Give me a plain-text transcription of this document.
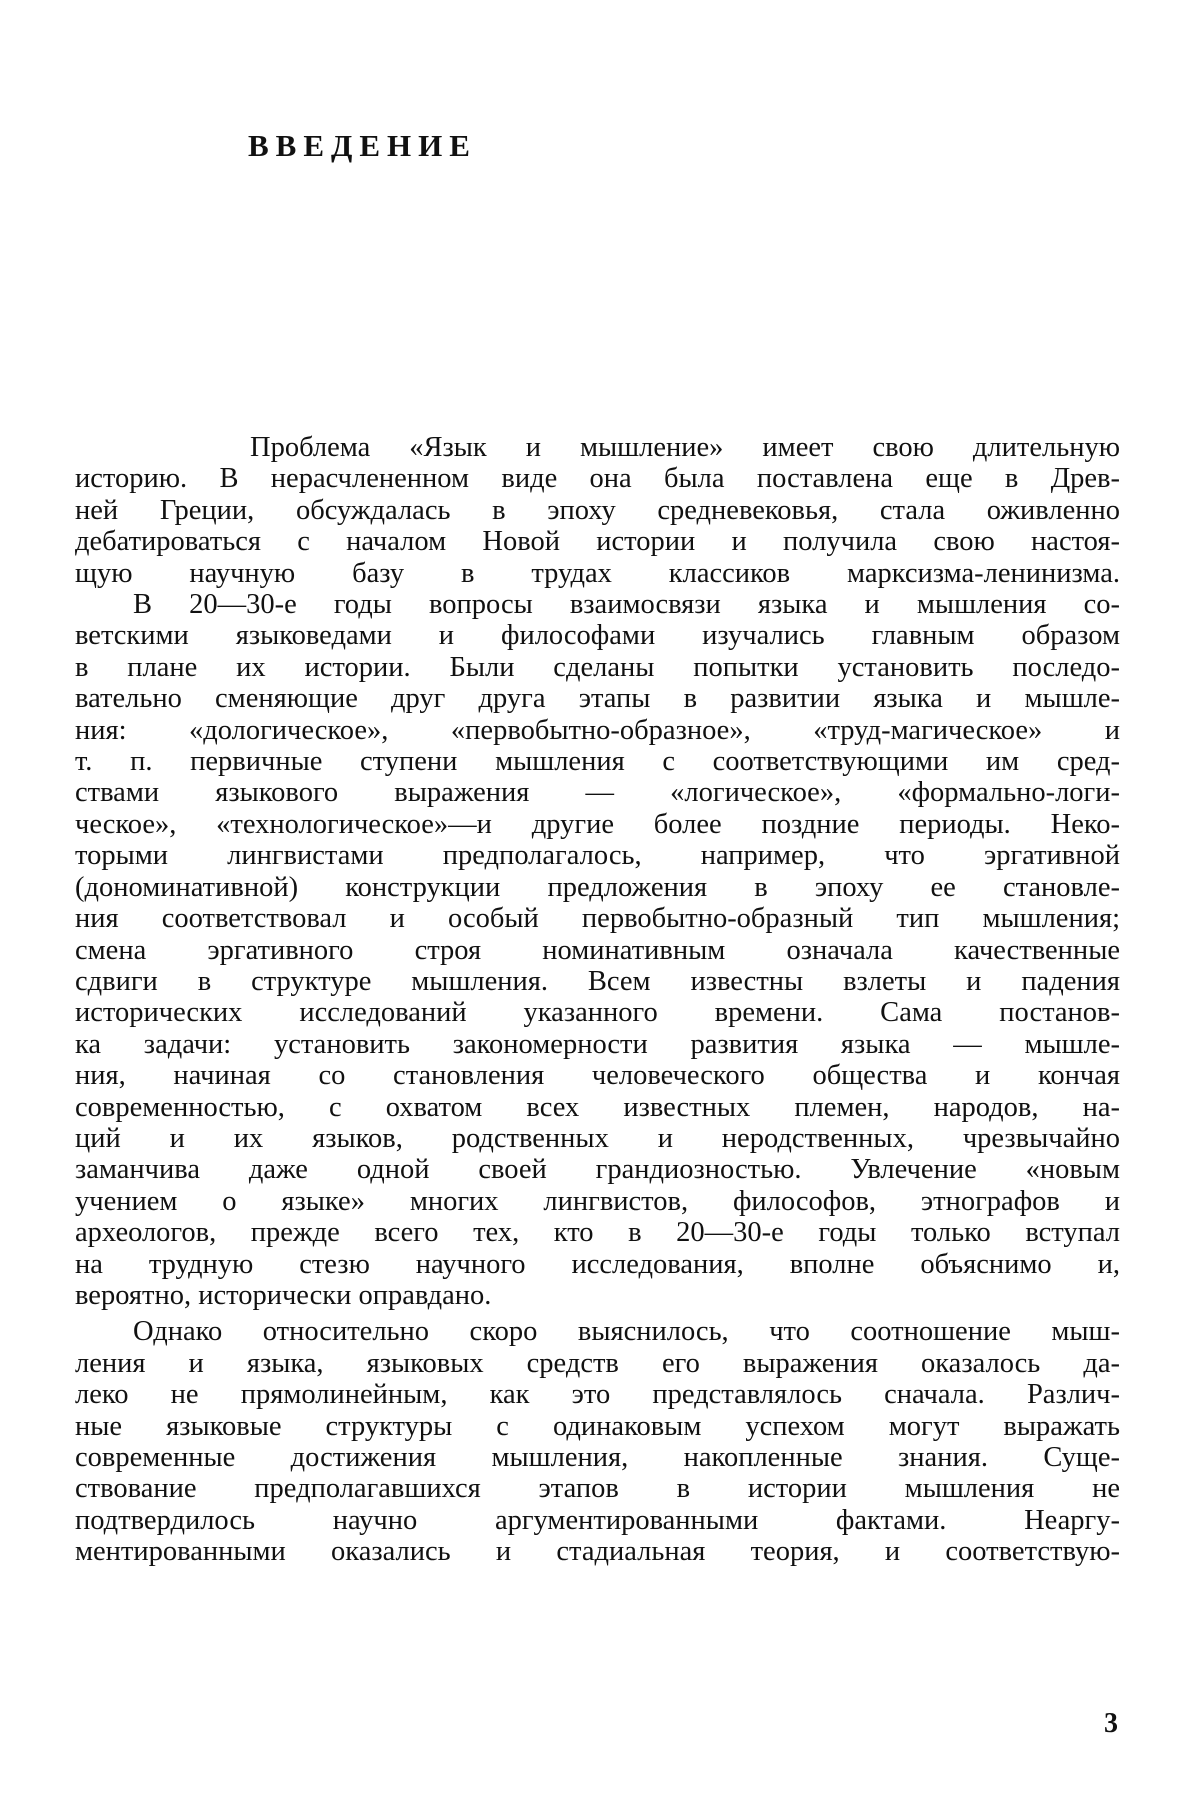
ВВЕДЕНИЕ

Проблема «Язык и мышление» имеет свою длительную
историю. В нерасчлененном виде она была поставлена еще в Древ-
ней Греции, обсуждалась в эпоху средневековья, стала оживленно
дебатироваться с началом Новой истории и получила свою настоя-
щую научную базу в трудах классиков марксизма-ленинизма.

В 20—30-е годы вопросы взаимосвязи языка и мышления со-
ветскими языковедами и философами изучались главным образом
в плане их истории. Были сделаны попытки установить последо-
вательно сменяющие друг друга этапы в развитии языка и мышле-
ния: «дологическое», «первобытно-образное», «труд-магическое» и
т. п. первичные ступени мышления с соответствующими им сред-
ствами языкового выражения — «логическое», «формально-логи-
ческое», «технологическое»—и другие более поздние периоды. Неко-
торыми лингвистами предполагалось, например, что эргативной
(дономинативной) конструкции предложения в эпоху ее становле-
ния соответствовал и особый первобытно-образный тип мышления;
смена эргативного строя номинативным означала качественные
сдвиги в структуре мышления. Всем известны взлеты и падения
исторических исследований указанного времени. Сама постанов-
ка задачи: установить закономерности развития языка — мышле-
ния, начиная со становления человеческого общества и кончая
современностью, с охватом всех известных племен, народов, на-
ций и их языков, родственных и неродственных, чрезвычайно
заманчива даже одной своей грандиозностью. Увлечение «новым
учением о языке» многих лингвистов, философов, этнографов и
археологов, прежде всего тех, кто в 20—30-е годы только вступал
на трудную стезю научного исследования, вполне объяснимо и,
вероятно, исторически оправдано.

Однако относительно скоро выяснилось, что соотношение мыш-
ления и языка, языковых средств его выражения оказалось да-
леко не прямолинейным, как это представлялось сначала. Различ-
ные языковые структуры с одинаковым успехом могут выражать
современные достижения мышления, накопленные знания. Суще-
ствование предполагавшихся этапов в истории мышления не
подтвердилось научно аргументированными фактами. Неаргу-
ментированными оказались и стадиальная теория, и соответствую-

3
